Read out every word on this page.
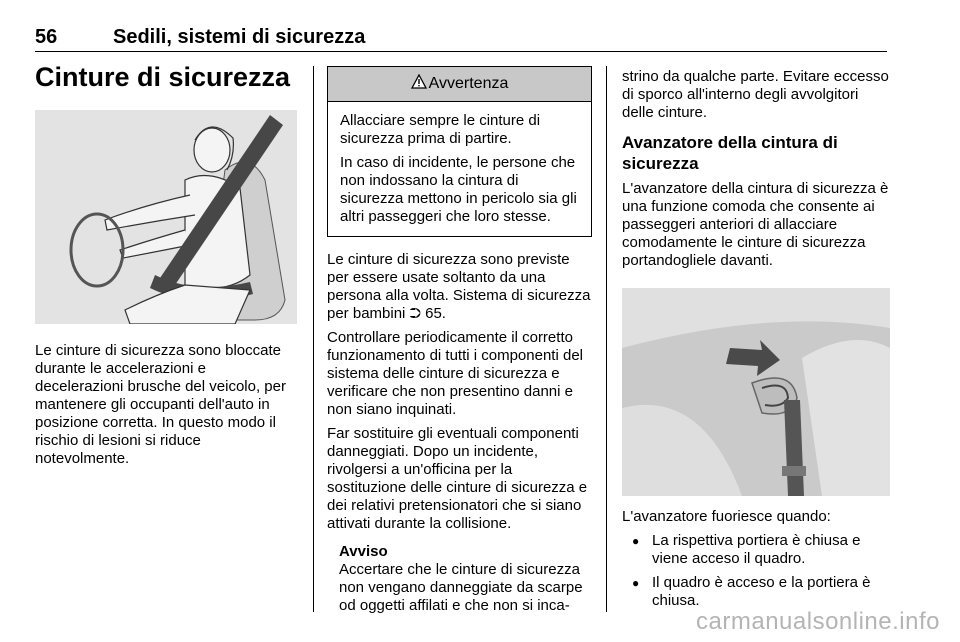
56	Sedili, sistemi di sicurezza
Cinture di sicurezza

Le cinture di sicurezza sono bloccate durante le accelerazioni e decelerazioni brusche del veicolo, per mantenere gli occupanti dell'auto in posizione corretta. In questo modo il rischio di lesioni si riduce notevolmente.

Avvertenza

Allacciare sempre le cinture di sicurezza prima di partire.

In caso di incidente, le persone che non indossano la cintura di sicurezza mettono in pericolo sia gli altri passeggeri che loro stesse.

Le cinture di sicurezza sono previste per essere usate soltanto da una persona alla volta. Sistema di sicurezza per bambini ⮊ 65.

Controllare periodicamente il corretto funzionamento di tutti i componenti del sistema delle cinture di sicurezza e verificare che non presentino danni e non siano inquinati.

Far sostituire gli eventuali componenti danneggiati. Dopo un incidente, rivolgersi a un'officina per la sostituzione delle cinture di sicurezza e dei relativi pretensionatori che si siano attivati durante la collisione.

Avviso

Accertare che le cinture di sicurezza non vengano danneggiate da scarpe od oggetti affilati e che non si inca-

strino da qualche parte. Evitare eccesso di sporco all'interno degli avvolgitori delle cinture.

Avanzatore della cintura di sicurezza

L'avanzatore della cintura di sicurezza è una funzione comoda che consente ai passeggeri anteriori di allacciare comodamente le cinture di sicurezza portandogliele davanti.

L'avanzatore fuoriesce quando:

● La rispettiva portiera è chiusa e viene acceso il quadro.
● Il quadro è acceso e la portiera è chiusa.
carmanualsonline.info
